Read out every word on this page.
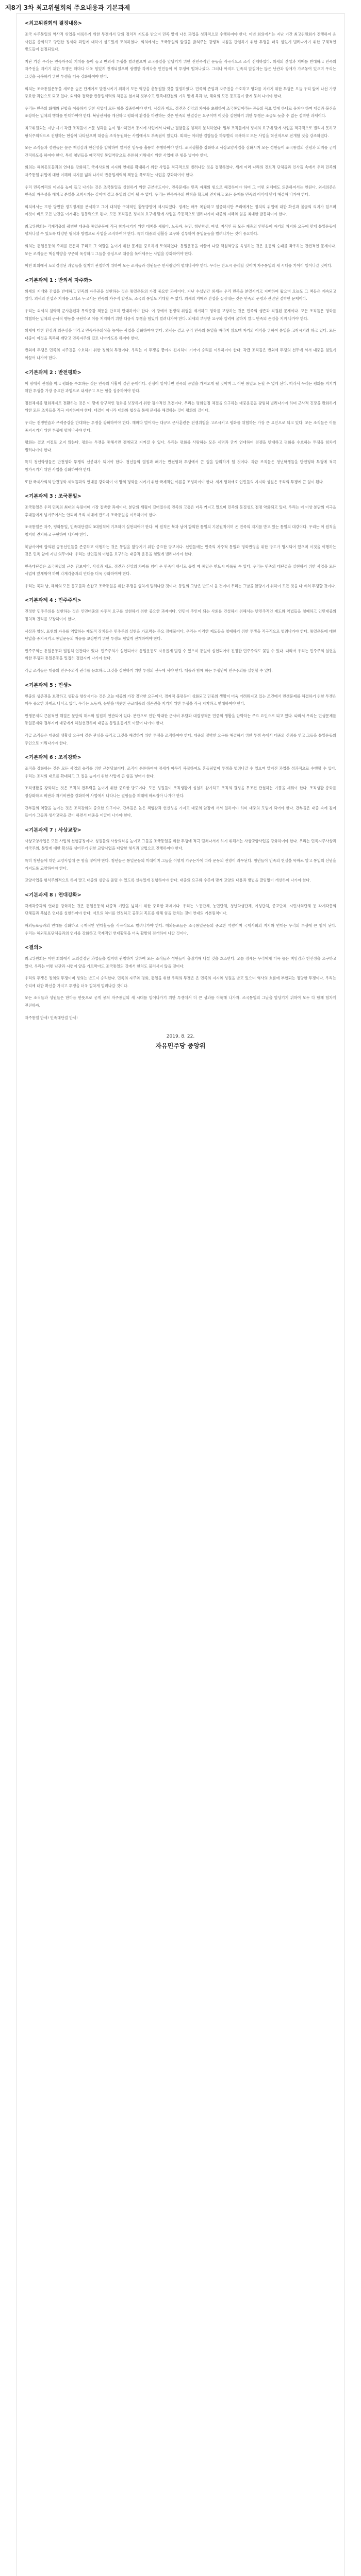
제8기 3차 최고위원회의 주요내용과 기본과제
<최고위원회의 결정내용>

조국 자주통일의 역사적 위업을 이룩하기 위한 투쟁에서 당의 정치적 지도를 받으며 민족 앞에 나선 과업을 성과적으로 수행하여야 한다. 이번 회의에서는 지난 기간 최고위원회가 진행하여 온 사업을 총화하고 당면한 정세와 과업에 대하여 심도있게 토의하였다. 회의에서는 조국통일의 앞길을 밝혀주는 강령적 지침을 관철하기 위한 투쟁을 더욱 힘있게 벌려나가기 위한 구체적인 방도들이 결정되었다.

지난 기간 우리는 민족자주의 기치를 높이 들고 반외세 투쟁을 벌려왔으며 조국통일을 앞당기기 위한 전민족적인 운동을 적극적으로 조직 전개하였다. 외세의 간섭과 지배를 반대하고 민족의 자주권을 지키기 위한 투쟁은 해마다 더욱 힘있게 전개되었으며 광범한 각계각층 인민들이 이 투쟁에 떨쳐나섰다. 그러나 아직도 민족의 앞길에는 많은 난관과 장애가 가로놓여 있으며 우리는 그것을 극복하기 위한 투쟁을 더욱 강화하여야 한다.

회의는 조국통일운동을 새로운 높은 단계에로 발전시키기 위하여 모든 역량을 총동원할 것을 결정하였다. 민족의 존엄과 자주권을 수호하고 평화를 지키기 위한 투쟁은 오늘 우리 앞에 나선 가장 중요한 과업으로 되고 있다. 외세와 결탁한 반통일세력의 책동을 철저히 짓부수고 민족대단결의 기치 밑에 북과 남, 해외의 모든 동포들이 굳게 뭉쳐 나가야 한다.

우리는 민족의 화해와 단합을 이룩하기 위한 사업에 모든 힘을 집중하여야 한다. 사상과 제도, 정견과 신앙의 차이를 초월하여 조국통일이라는 공동의 목표 밑에 하나로 뭉쳐야 하며 대결과 불신을 조장하는 일체의 행위를 반대하여야 한다. 북남관계를 개선하고 평화적 환경을 마련하는 것은 민족의 한결같은 요구이며 이것을 실현하기 위한 투쟁은 조금도 늦출 수 없는 절박한 과제이다.

최고위원회는 지난 시기 각급 조직들이 거둔 성과를 높이 평가하면서 동시에 사업에서 나타난 결함들을 엄격히 분석하였다. 일부 조직들에서 정세의 요구에 맞게 사업을 적극적으로 벌리지 못하고 형식주의적으로 진행하는 현상이 나타났으며 대중을 조직동원하는 사업에서도 부족점이 있었다. 회의는 이러한 결함들을 하루빨리 극복하고 모든 사업을 혁신적으로 전개할 것을 강조하였다.

모든 조직들과 성원들은 높은 책임감과 헌신성을 발휘하여 맡겨진 임무를 훌륭히 수행하여야 한다. 조직생활을 강화하고 사상교양사업을 심화시켜 모든 성원들이 조국통일의 신념과 의지를 굳게 간직하도록 하여야 한다. 특히 청년들을 애국적인 통일역량으로 튼튼히 키워내기 위한 사업에 큰 힘을 넣어야 한다.

회의는 해외동포들과의 연대를 강화하고 국제사회의 지지와 연대를 확대하기 위한 사업을 적극적으로 벌려나갈 것을 결정하였다. 세계 여러 나라의 진보적 단체들과 인사들 속에서 우리 민족의 자주통일 위업에 대한 이해와 지지를 넓혀 나가며 반통일세력의 책동을 폭로하는 사업을 강화하여야 한다.

우리 민족끼리의 이념을 높이 들고 나가는 것은 조국통일을 실현하기 위한 근본방도이다. 민족문제는 민족 자체의 힘으로 해결하여야 하며 그 어떤 외세에도 의존하여서는 안된다. 외세의존은 민족의 자주성을 해치고 분열을 고착시키는 길이며 결코 통일의 길이 될 수 없다. 우리는 민족자주의 원칙을 확고히 견지하고 모든 문제를 민족의 이익에 맞게 해결해 나가야 한다.

회의에서는 또한 당면한 정치정세를 분석하고 그에 대처한 구체적인 활동방향이 제시되었다. 정세는 매우 복잡하고 엄중하지만 우리에게는 정의의 위업에 대한 확신과 불굴의 의지가 있으며 이것이 바로 모든 난관을 이겨내는 원동력으로 된다. 모든 조직들은 정세의 요구에 맞게 사업을 주동적으로 벌려나가며 대중의 지혜와 힘을 최대한 발동하여야 한다.

최고위원회는 각계각층의 광범한 대중을 통일운동에 적극 참가시키기 위한 대책을 세웠다. 노동자, 농민, 청년학생, 여성, 지식인 등 모든 계층의 인민들이 자기의 처지와 요구에 맞게 통일운동에 떨쳐나설 수 있도록 다양한 형식과 방법으로 사업을 조직하여야 한다. 특히 대중의 생활상 요구와 결부하여 통일운동을 벌려나가는 것이 중요하다.

회의는 통일운동의 주체를 튼튼히 꾸리고 그 역할을 높이기 위한 문제를 중요하게 토의하였다. 통일운동을 이끌어 나갈 핵심역량을 육성하는 것은 운동의 승패를 좌우하는 관건적인 문제이다. 모든 조직들은 핵심역량을 꾸준히 육성하고 그들을 중심으로 대중을 묶어세우는 사업을 강화하여야 한다.

이번 회의에서 토의결정된 과업들을 철저히 관철하기 위하여 모든 조직들과 성원들은 한사람같이 떨쳐나서야 한다. 우리는 반드시 승리할 것이며 자주통일의 새 시대를 기어이 열어나갈 것이다.

<기본과제 1 : 반외세 자주화>

외세의 지배와 간섭을 반대하고 민족의 자주권을 실현하는 것은 통일운동의 가장 중요한 과제이다. 지난 수십년간 외세는 우리 민족을 분열시키고 지배하여 왔으며 오늘도 그 책동은 계속되고 있다. 외세의 간섭과 지배를 그대로 두고서는 민족의 자주적 발전도, 조국의 통일도 기대할 수 없다. 외세의 지배와 간섭을 끝장내는 것은 민족의 운명과 관련된 절박한 문제이다.

우리는 외세의 침략적 군사훈련과 무력증강 책동을 단호히 반대하여야 한다. 이 땅에서 전쟁의 위험을 제거하고 평화를 보장하는 것은 민족의 생존과 직결된 문제이다. 모든 조직들은 평화를 위협하는 일체의 군사적 행동을 규탄하고 이를 저지하기 위한 대중적 투쟁을 힘있게 벌려나가야 한다. 외세의 부당한 요구와 압력에 굴하지 말고 민족의 존엄을 지켜 나가야 한다.

외세에 대한 환상과 의존심을 버리고 민족자주의식을 높이는 사업을 강화하여야 한다. 외세는 결코 우리 민족의 통일을 바라지 않으며 자기의 이익을 위하여 분열을 고착시키려 하고 있다. 모든 대중이 이것을 똑똑히 깨닫고 민족자주의 길로 나아가도록 하여야 한다.

반외세 투쟁은 민족의 자주권을 수호하기 위한 정의의 투쟁이다. 우리는 이 투쟁을 끝까지 견지하여 기어이 승리를 이룩하여야 한다. 각급 조직들은 반외세 투쟁의 선두에 서서 대중을 힘있게 이끌어 나가야 한다.

<기본과제 2 : 반전평화>

이 땅에서 전쟁을 막고 평화를 수호하는 것은 민족의 사활이 걸린 문제이다. 전쟁이 일어나면 민족의 공멸을 가져오게 될 것이며 그 어떤 통일도 논할 수 없게 된다. 따라서 우리는 평화를 지키기 위한 투쟁을 가장 중요한 과업으로 내세우고 모든 힘을 집중하여야 한다.

정전체제를 평화체제로 전환하는 것은 이 땅에 항구적인 평화를 보장하기 위한 필수적인 조건이다. 우리는 평화협정 체결을 요구하는 대중운동을 광범히 벌려나가야 하며 군사적 긴장을 완화하기 위한 모든 조치들을 적극 지지하여야 한다. 대결이 아니라 대화와 협상을 통해 문제를 해결하는 것이 평화의 길이다.

우리는 전쟁연습과 무력증강을 반대하는 투쟁을 강화하여야 한다. 해마다 벌어지는 대규모 군사훈련은 전쟁위험을 고조시키고 평화를 위협하는 가장 큰 요인으로 되고 있다. 모든 조직들은 이를 중지시키기 위한 투쟁에 떨쳐나서야 한다.

평화는 결코 저절로 오지 않는다. 평화는 투쟁을 통해서만 쟁취되고 지켜질 수 있다. 우리는 평화를 사랑하는 모든 세력과 굳게 연대하여 전쟁을 반대하고 평화를 수호하는 투쟁을 힘차게 벌려나가야 한다.

특히 청년학생들은 반전평화 투쟁의 선봉대가 되어야 한다. 청년들의 열정과 패기는 반전평화 투쟁에서 큰 힘을 발휘하게 될 것이다. 각급 조직들은 청년학생들을 반전평화 투쟁에 적극 참가시키기 위한 사업을 강화하여야 한다.

또한 국제사회의 반전평화 세력들과의 연대를 강화하여 이 땅의 평화를 지키기 위한 국제적인 여론을 조성하여야 한다. 세계 평화애호 인민들의 지지와 성원은 우리의 투쟁에 큰 힘이 된다.

<기본과제 3 : 조국통일>

조국통일은 우리 민족의 최대의 숙원이며 가장 절박한 과제이다. 분단의 세월이 길어질수록 민족의 고통은 더욱 커지고 있으며 민족의 동질성도 점점 약화되고 있다. 우리는 더 이상 분단의 비극을 후대들에게 넘겨주어서는 안되며 우리 세대에 반드시 조국통일을 이룩하여야 한다.

조국통일은 자주, 평화통일, 민족대단결의 3대원칙에 기초하여 실현되어야 한다. 이 원칙은 북과 남이 합의한 통일의 기본원칙이며 온 민족의 지지를 받고 있는 통일의 대강이다. 우리는 이 원칙을 철저히 견지하고 구현하여 나가야 한다.

북남사이에 합의된 공동선언들을 존중하고 이행하는 것은 통일을 앞당기기 위한 중요한 담보이다. 선언들에는 민족의 자주적 통일과 평화번영을 위한 방도가 명시되어 있으며 이것을 이행하는 것은 민족 앞에 지닌 의무이다. 우리는 선언들의 이행을 요구하는 대중적 운동을 힘있게 벌려나가야 한다.

민족대단결은 조국통일의 근본 담보이다. 사상과 제도, 정견과 신앙의 차이를 넘어 온 민족이 하나로 뭉칠 때 통일은 반드시 이룩될 수 있다. 우리는 민족의 대단결을 실현하기 위한 사업을 모든 사업에 앞세워야 하며 각계각층과의 연대를 더욱 강화하여야 한다.

우리는 북과 남, 해외의 모든 동포들과 손잡고 조국통일을 위한 투쟁을 힘차게 벌려나갈 것이다. 통일의 그날은 반드시 올 것이며 우리는 그날을 앞당기기 위하여 모든 것을 다 바쳐 투쟁할 것이다.

<기본과제 4 : 민주주의>

진정한 민주주의를 실현하는 것은 인민대중의 자주적 요구를 실현하기 위한 중요한 과제이다. 인민이 주인이 되는 사회를 건설하기 위해서는 반민주적인 제도와 악법들을 철폐하고 인민대중의 정치적 권리를 보장하여야 한다.

사상과 양심, 표현의 자유를 억압하는 제도적 장치들은 민주주의 실현을 가로막는 주요 장애물이다. 우리는 이러한 제도들을 철폐하기 위한 투쟁을 적극적으로 벌려나가야 한다. 통일운동에 대한 탄압을 중지시키고 통일운동의 자유를 보장받기 위한 투쟁도 힘있게 전개하여야 한다.

민주주의는 통일운동과 밀접히 연관되어 있다. 민주주의가 실현되어야 통일운동도 자유롭게 벌릴 수 있으며 통일이 실현되어야 진정한 민주주의도 꽃필 수 있다. 따라서 우리는 민주주의 실현을 위한 투쟁과 통일운동을 밀접히 결합시켜 나가야 한다.

각급 조직들은 대중의 민주주의적 권리를 옹호하고 그것을 실현하기 위한 투쟁의 선두에 서야 한다. 대중과 함께 하는 투쟁만이 민주주의를 실현할 수 있다.

<기본과제 5 : 민생>

민중의 생존권을 보장하고 생활을 향상시키는 것은 오늘 대중의 가장 절박한 요구이다. 경제적 불평등이 심화되고 민중의 생활이 더욱 어려워지고 있는 조건에서 민생문제를 해결하기 위한 투쟁은 매우 중요한 과제로 나서고 있다. 우리는 노동자, 농민을 비롯한 근로대중의 생존권을 지키기 위한 투쟁을 적극 지지하고 연대하여야 한다.

민생문제의 근본적인 해결은 분단의 해소와 밀접히 연관되어 있다. 분단으로 인한 막대한 군사비 부담과 대결정책은 민중의 생활을 압박하는 주요 요인으로 되고 있다. 따라서 우리는 민생문제를 통일문제와 결부시켜 대중에게 해설선전하며 대중을 통일운동에로 이끌어 나가야 한다.

각급 조직들은 대중의 생활상 요구에 깊은 관심을 돌리고 그것을 해결하기 위한 투쟁을 조직하여야 한다. 대중의 절박한 요구를 해결하기 위한 투쟁 속에서 대중의 신뢰를 얻고 그들을 통일운동의 주인으로 키워나가야 한다.

<기본과제 6 : 조직강화>

조직을 강화하는 것은 모든 사업의 승리를 위한 근본담보이다. 조직이 튼튼하여야 정세가 아무리 복잡하여도 흔들림없이 투쟁을 벌려나갈 수 있으며 맡겨진 과업을 성과적으로 수행할 수 있다. 우리는 조직의 대오를 확대하고 그 질을 높이기 위한 사업에 큰 힘을 넣어야 한다.

조직생활을 강화하는 것은 조직의 전투력을 높이기 위한 중요한 방도이다. 모든 성원들이 조직생활에 성실히 참가하고 조직의 결정을 무조건 관철하는 기풍을 세워야 한다. 조직생활 총화를 정상화하고 비판과 자기비판을 강화하여 사업에서 나타나는 결함들을 제때에 바로잡아 나가야 한다.

간부들의 역할을 높이는 것은 조직강화의 중요한 요구이다. 간부들은 높은 책임감과 헌신성을 가지고 대중의 앞장에 서서 일하여야 하며 대중의 모범이 되어야 한다. 간부들은 대중 속에 깊이 들어가 그들과 생사고락을 같이 하면서 대중을 이끌어 나가야 한다.

<기본과제 7 : 사상교양>

사상교양사업은 모든 사업의 선행공정이다. 성원들의 사상의식을 높이고 그들을 조국통일을 위한 투쟁에 적극 떨쳐나서게 하기 위해서는 사상교양사업을 강화하여야 한다. 우리는 민족자주사상과 애국주의, 통일에 대한 확신을 심어주기 위한 교양사업을 다양한 형식과 방법으로 진행하여야 한다.

특히 청년들에 대한 교양사업에 큰 힘을 넣어야 한다. 청년들은 통일운동의 미래이며 그들을 어떻게 키우는가에 따라 운동의 전망이 좌우된다. 청년들이 민족의 현실을 똑바로 알고 통일의 신념을 가지도록 교양하여야 한다.

교양사업을 형식주의적으로 하지 말고 대중의 심금을 울릴 수 있도록 실속있게 진행하여야 한다. 대중의 요구와 수준에 맞게 교양의 내용과 방법을 끊임없이 개선하여 나가야 한다.

<기본과제 8 : 연대강화>

각계각층과의 연대를 강화하는 것은 통일운동의 대중적 기반을 넓히기 위한 중요한 과제이다. 우리는 노동단체, 농민단체, 청년학생단체, 여성단체, 종교단체, 시민사회단체 등 각계각층의 단체들과 폭넓은 연대를 실현하여야 한다. 서로의 차이를 인정하고 공동의 목표를 위해 힘을 합치는 것이 연대의 기본원칙이다.

해외동포들과의 연대를 강화하고 국제적인 연대활동을 적극적으로 벌려나가야 한다. 해외동포들은 조국통일운동의 중요한 역량이며 국제사회의 지지와 연대는 우리의 투쟁에 큰 힘이 된다. 우리는 해외동포단체들과의 연계를 강화하고 국제적인 연대활동을 더욱 활발히 전개하여 나갈 것이다.

<결의>

최고위원회는 이번 회의에서 토의결정된 과업들을 철저히 관철하기 위하여 모든 조직들과 성원들이 총궐기해 나설 것을 호소한다. 오늘 정세는 우리에게 더욱 높은 책임감과 헌신성을 요구하고 있다. 우리는 어떤 난관과 시련이 앞을 가로막아도 조국통일의 길에서 한치도 물러서지 않을 것이다.

우리의 투쟁은 정의의 투쟁이며 정의는 반드시 승리한다. 민족의 자주와 평화, 통일을 위한 우리의 투쟁은 온 민족의 지지와 성원을 받고 있으며 역사의 흐름에 부합되는 정당한 투쟁이다. 우리는 승리에 대한 확신을 가지고 투쟁을 더욱 힘차게 벌려나갈 것이다.

모든 조직들과 성원들은 한마음 한뜻으로 굳게 뭉쳐 자주통일의 새 시대를 열어나가기 위한 투쟁에서 더 큰 성과를 이룩해 나가자. 조국통일의 그날을 앞당기기 위하여 모두 다 함께 힘차게 전진하자.

자주통일 만세! 민족대단결 만세!

2019. 8. 22.
자유민주당 중앙위
